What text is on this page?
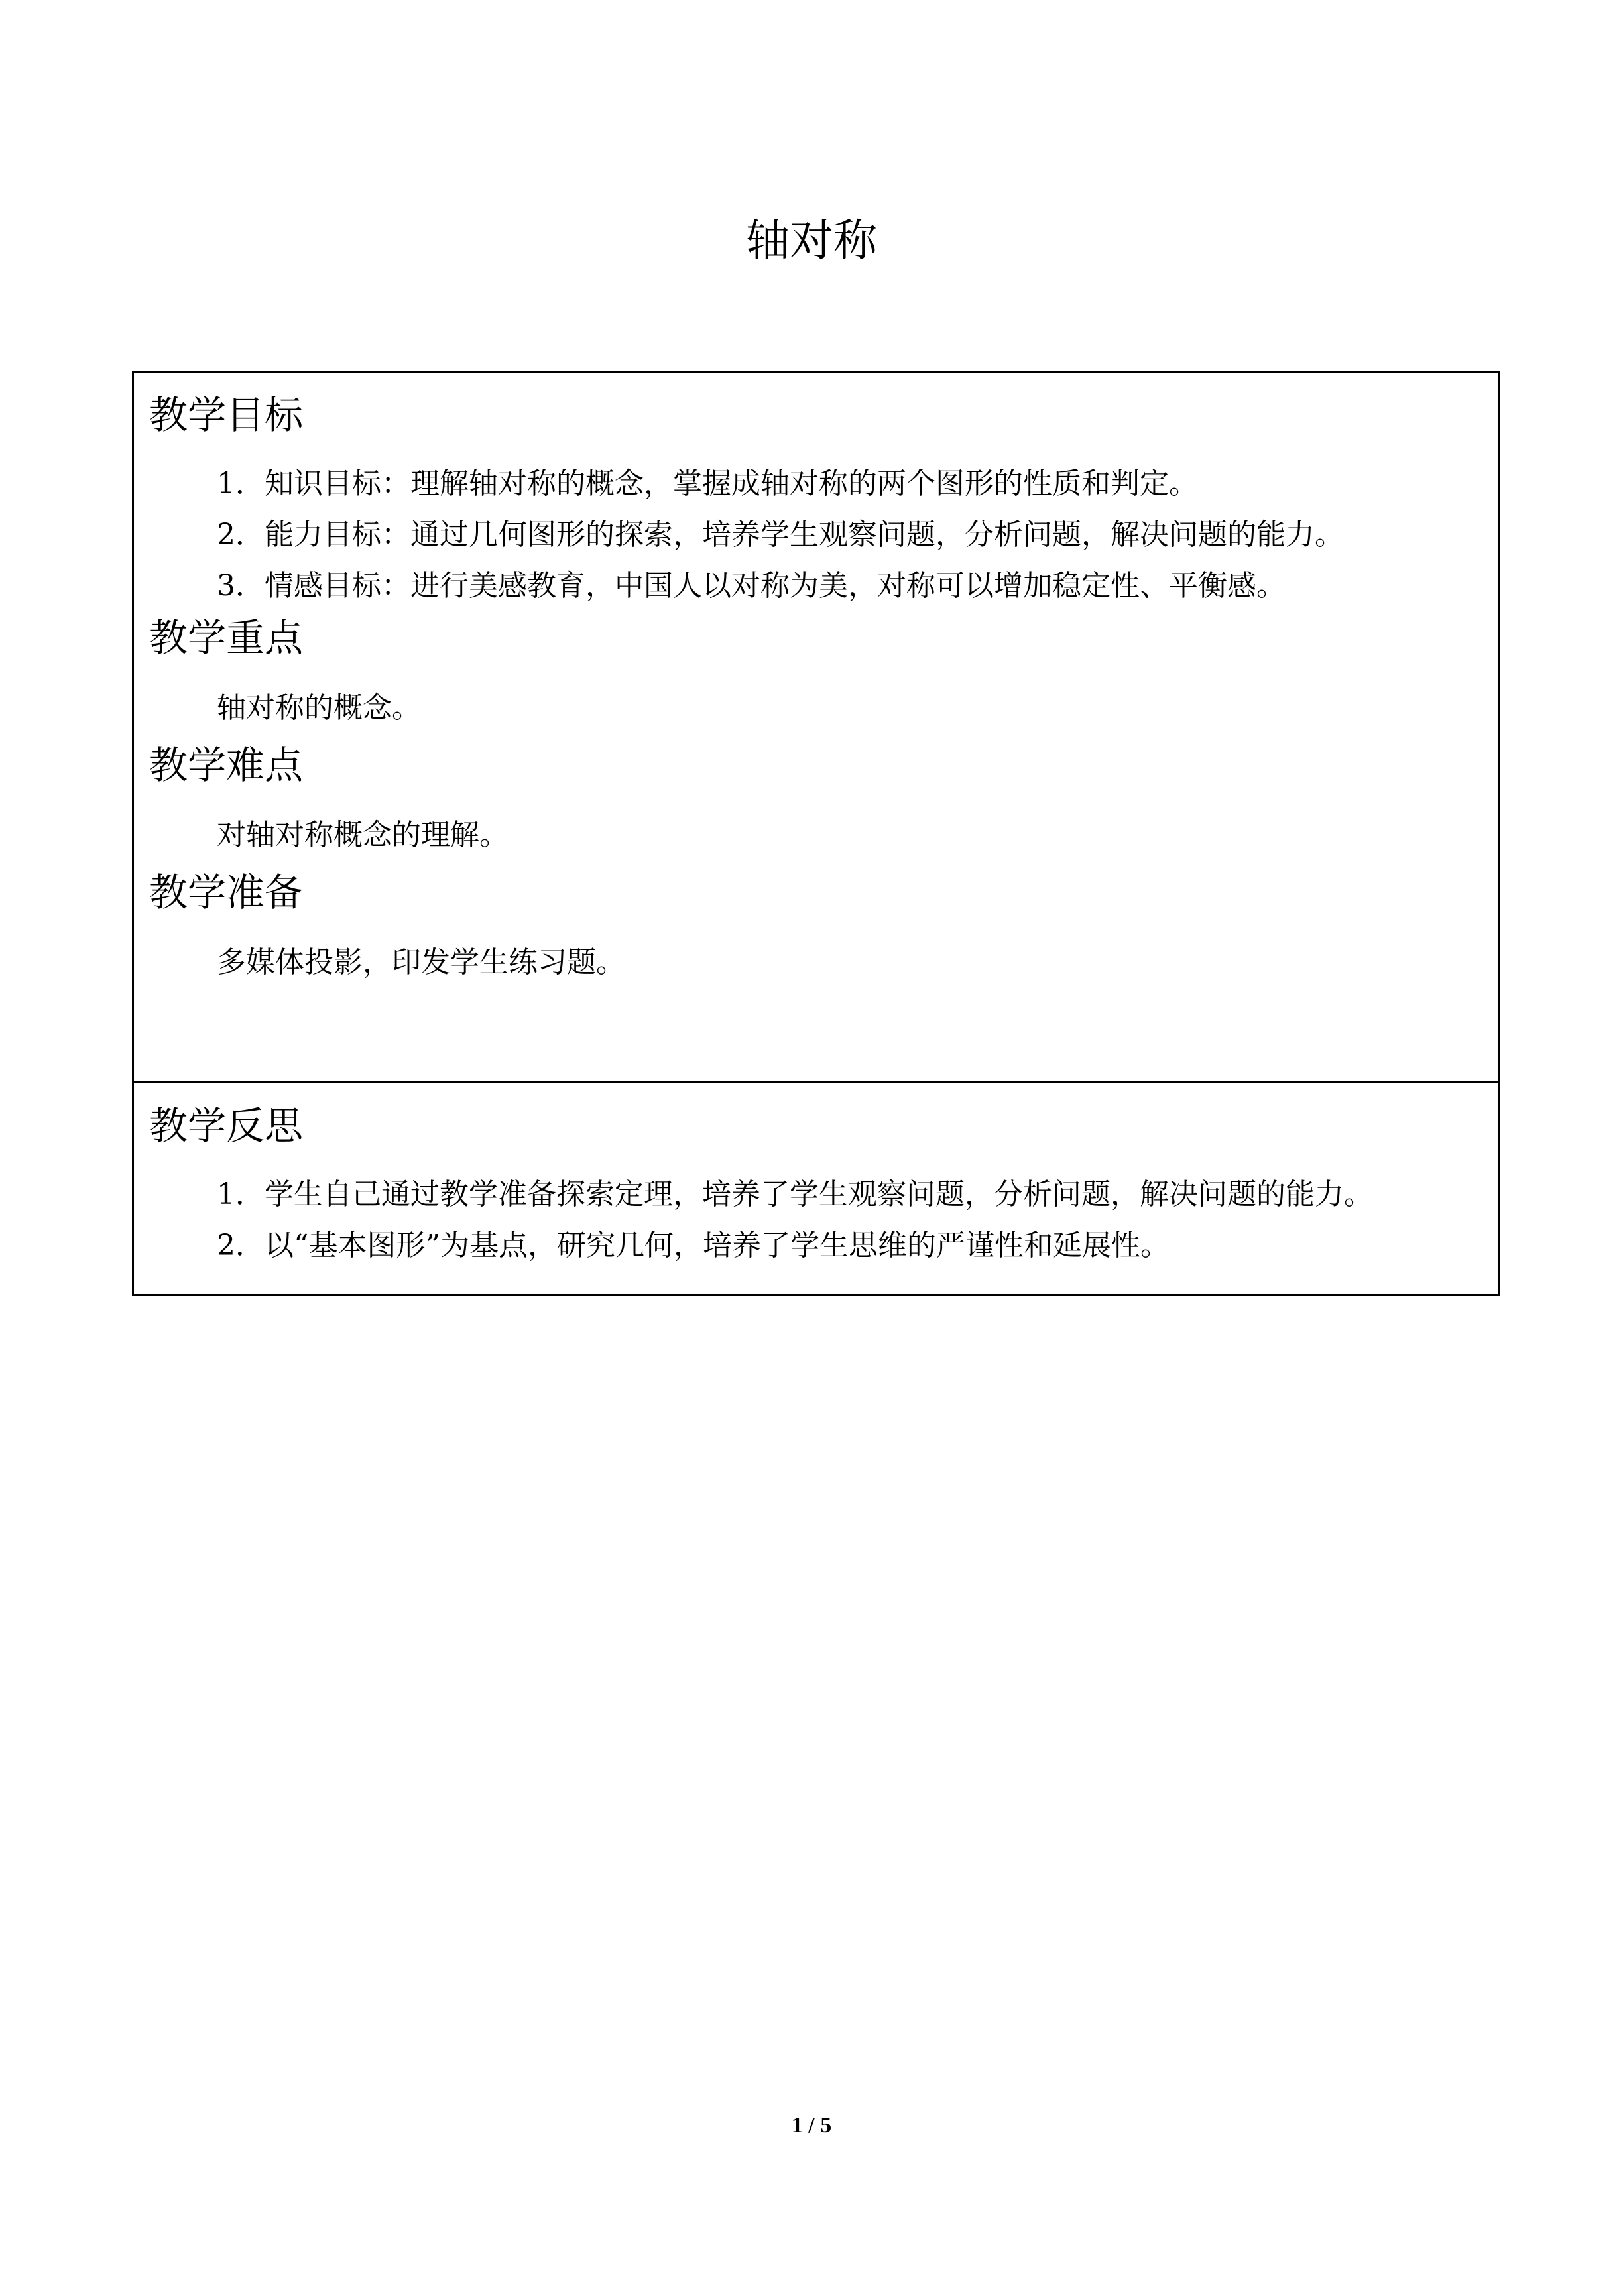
轴对称
教学目标
1．知识目标：理解轴对称的概念，掌握成轴对称的两个图形的性质和判定。
2．能力目标：通过几何图形的探索，培养学生观察问题，分析问题，解决问题的能力。
3．情感目标：进行美感教育，中国人以对称为美，对称可以增加稳定性、平衡感。
教学重点
轴对称的概念。
教学难点
对轴对称概念的理解。
教学准备
多媒体投影，印发学生练习题。

教学反思
1．学生自己通过教学准备探索定理，培养了学生观察问题，分析问题，解决问题的能力。
2．以“基本图形”为基点，研究几何，培养了学生思维的严谨性和延展性。
1 / 5
